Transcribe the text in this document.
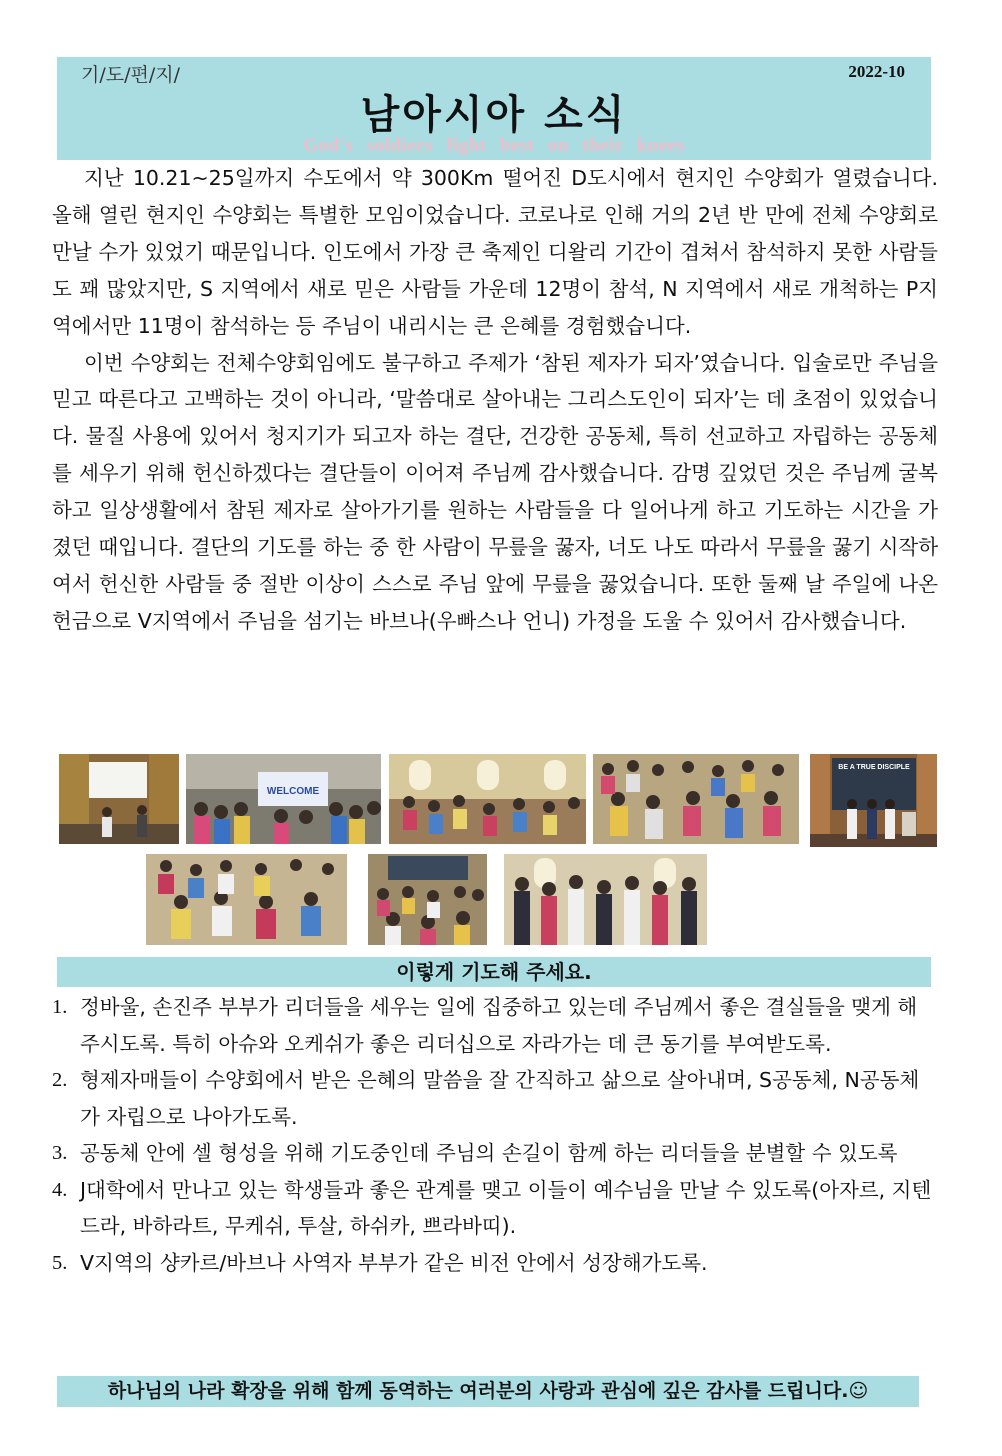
기/도/편/지/	2022-10
남아시아 소식
God's soldiers fight best on their knees

지난 10.21~25일까지 수도에서 약 300Km 떨어진 D도시에서 현지인 수양회가 열렸습니다. 올해 열린 현지인 수양회는 특별한 모임이었습니다. 코로나로 인해 거의 2년 반 만에 전체 수양회로 만날 수가 있었기 때문입니다. 인도에서 가장 큰 축제인 디왈리 기간이 겹쳐서 참석하지 못한 사람들도 꽤 많았지만, S 지역에서 새로 믿은 사람들 가운데 12명이 참석, N 지역에서 새로 개척하는 P지역에서만 11명이 참석하는 등 주님이 내리시는 큰 은혜를 경험했습니다.

이번 수양회는 전체수양회임에도 불구하고 주제가 ‘참된 제자가 되자’였습니다. 입술로만 주님을 믿고 따른다고 고백하는 것이 아니라, ‘말씀대로 살아내는 그리스도인이 되자’는 데 초점이 있었습니다. 물질 사용에 있어서 청지기가 되고자 하는 결단, 건강한 공동체, 특히 선교하고 자립하는 공동체를 세우기 위해 헌신하겠다는 결단들이 이어져 주님께 감사했습니다. 감명 깊었던 것은 주님께 굴복하고 일상생활에서 참된 제자로 살아가기를 원하는 사람들을 다 일어나게 하고 기도하는 시간을 가졌던 때입니다. 결단의 기도를 하는 중 한 사람이 무릎을 꿇자, 너도 나도 따라서 무릎을 꿇기 시작하여서 헌신한 사람들 중 절반 이상이 스스로 주님 앞에 무릎을 꿇었습니다. 또한 둘째 날 주일에 나온 헌금으로 V지역에서 주님을 섬기는 바브나(우빠스나 언니) 가정을 도울 수 있어서 감사했습니다.

WELCOME
BE A TRUE DISCIPLE
이렇게 기도해 주세요.
1. 정바울, 손진주 부부가 리더들을 세우는 일에 집중하고 있는데 주님께서 좋은 결실들을 맺게 해주시도록. 특히 아슈와 오케쉬가 좋은 리더십으로 자라가는 데 큰 동기를 부여받도록.
2. 형제자매들이 수양회에서 받은 은혜의 말씀을 잘 간직하고 삶으로 살아내며, S공동체, N공동체가 자립으로 나아가도록.
3. 공동체 안에 셀 형성을 위해 기도중인데 주님의 손길이 함께 하는 리더들을 분별할 수 있도록
4. J대학에서 만나고 있는 학생들과 좋은 관계를 맺고 이들이 예수님을 만날 수 있도록(아자르, 지텐드라, 바하라트, 무케쉬, 투살, 하쉬카, 쁘라바띠).
5. V지역의 샹카르/바브나 사역자 부부가 같은 비전 안에서 성장해가도록.
하나님의 나라 확장을 위해 함께 동역하는 여러분의 사랑과 관심에 깊은 감사를 드립니다.☺
